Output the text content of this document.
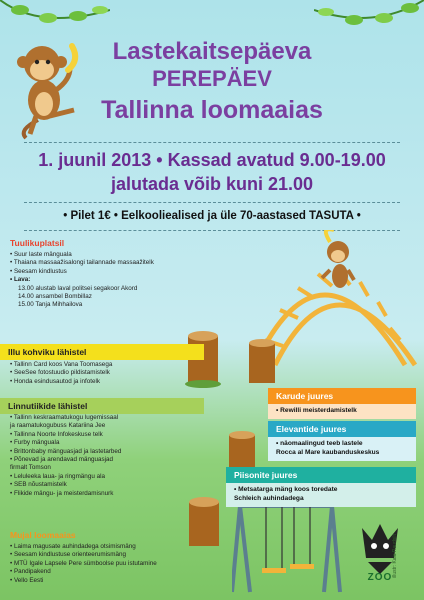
Lastekaitsepäeva
PEREPÄEV
Tallinna loomaaias
1. juunil 2013 • Kassad avatud 9.00-19.00
jalutada võib kuni 21.00
• Pilet 1€ • Eelkooliealised ja üle 70-aastased TASUTA •
Tuulikuplatsil
• Suur laste mänguala
• Thaiana massaažisalongi tailannade massaažitelk
• Seesam kindlustus
• Lava:
13.00 alustab laval politsei segakoor Akord
14.00 ansambel Bombillaz
15.00 Tanja Mihhailova
Illu kohviku lähistel
• Tallinn Card koos Vana Toomasega
• SeeSee fotostuudio pildistamistelk
• Honda esindusautod ja infotelk
Linnutiikide lähistel
• Tallinn keskraamatukogu lugemissaal
ja raamatukogubuss Katariina Jee
• Tallinna Noorte Infokeskuse telk
• Furby mänguala
• Brittonbaby mänguasjad ja lastetarbed
• Põnevad ja arendavad mänguasjad
firmalt Tomson
• Leluleeka laua- ja ringmängu ala
• SEB nõustamistelk
• Flikide mängu- ja meisterdamisnurk
Mujal loomaaias
• Laima magusate auhindadega otsimismäng
• Seesam kindlustuse orienteerumismäng
• MTÜ Igale Lapsele Pere sümboolse puu istutamine
• Pandipakend
• Vello Eesti
Karude juures
• Rewilli meisterdamistelk
Elevantide juures
• näomaalingud teeb lastele
Rocca al Mare kaubanduskeskus
Piisonite juures
• Metsatarga mäng koos toredate
Schleich auhindadega
ZOO illustr: Kaia Raudsilt
